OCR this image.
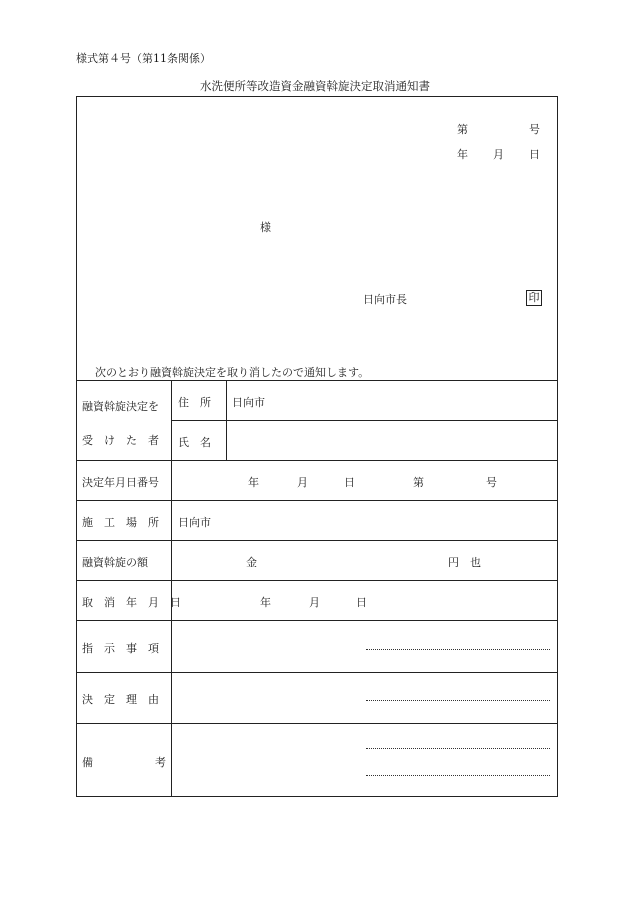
様式第４号（第11条関係）
水洗便所等改造資金融資斡旋決定取消通知書
第	号
年 月 日
様
日向市長	印
次のとおり融資斡旋決定を取り消したので通知します。
融資斡旋決定を
受　け　た　者
住　所 日向市
氏　名
決定年月日番号	年	月	日	第	号
施　工　場　所 日向市
融資斡旋の額	金	円　也
取　消　年　月　日	年	月	日
指　示　事　項
決　定　理　由
備	考
